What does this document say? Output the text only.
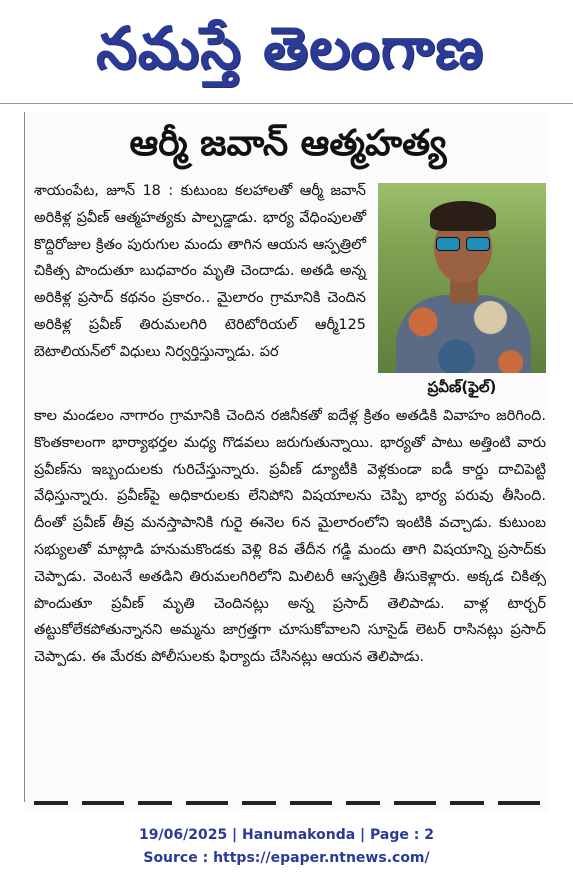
నమస్తే తెలంగాణ
ఆర్మీ జవాన్ ఆత్మహత్య
శాయంపేట, జూన్ 18 : కుటుంబ కలహాలతో ఆర్మీ జవాన్ అరికిళ్ల ప్రవీణ్ ఆత్మహత్యకు పాల్పడ్డాడు. భార్య వేధింపులతో కొద్దిరోజుల క్రితం పురుగుల మందు తాగిన ఆయన ఆస్పత్రిలో చికిత్స పొందుతూ బుధవారం మృతి చెందాడు. అతడి అన్న అరికిళ్ల ప్రసాద్ కథనం ప్రకారం.. మైలారం గ్రామానికి చెందిన అరికిళ్ల ప్రవీణ్ తిరుమలగిరి టెరిటోరియల్ ఆర్మీ125 బెటాలియన్‌లో విధులు నిర్వర్తిస్తున్నాడు. పర
ప్రవీణ్(ఫైల్)
కాల మండలం నాగారం గ్రామానికి చెందిన రజినీకతో ఐదేళ్ల క్రితం అతడికి వివాహం జరిగింది. కొంతకాలంగా భార్యాభర్తల మధ్య గొడవలు జరుగుతున్నాయి. భార్యతో పాటు అత్తింటి వారు ప్రవీణ్‌ను ఇబ్బందులకు గురిచేస్తున్నారు. ప్రవీణ్ డ్యూటీకి వెళ్లకుండా ఐడీ కార్డు దాచిపెట్టి వేధిస్తున్నారు. ప్రవీణ్‌పై అధికారులకు లేనిపోని విషయాలను చెప్పి భార్య పరువు తీసింది. దీంతో ప్రవీణ్ తీవ్ర మనస్తాపానికి గురై ఈనెల 6న మైలారంలోని ఇంటికి వచ్చాడు. కుటుంబ సభ్యులతో మాట్లాడి హనుమకొండకు వెళ్లి 8వ తేదీన గడ్డి మందు తాగి విషయాన్ని ప్రసాద్‌కు చెప్పాడు. వెంటనే అతడిని తిరుమలగిరిలోని మిలిటరీ ఆస్పత్రికి తీసుకెళ్లారు. అక్కడ చికిత్స పొందుతూ ప్రవీణ్ మృతి చెందినట్లు అన్న ప్రసాద్ తెలిపాడు. వాళ్ల టార్చర్ తట్టుకోలేకపోతున్నానని అమ్మను జాగ్రత్తగా చూసుకోవాలని సూసైడ్ లెటర్ రాసినట్లు ప్రసాద్ చెప్పాడు. ఈ మేరకు పోలీసులకు ఫిర్యాదు చేసినట్లు ఆయన తెలిపాడు.
19/06/2025 | Hanumakonda | Page : 2
Source : https://epaper.ntnews.com/
